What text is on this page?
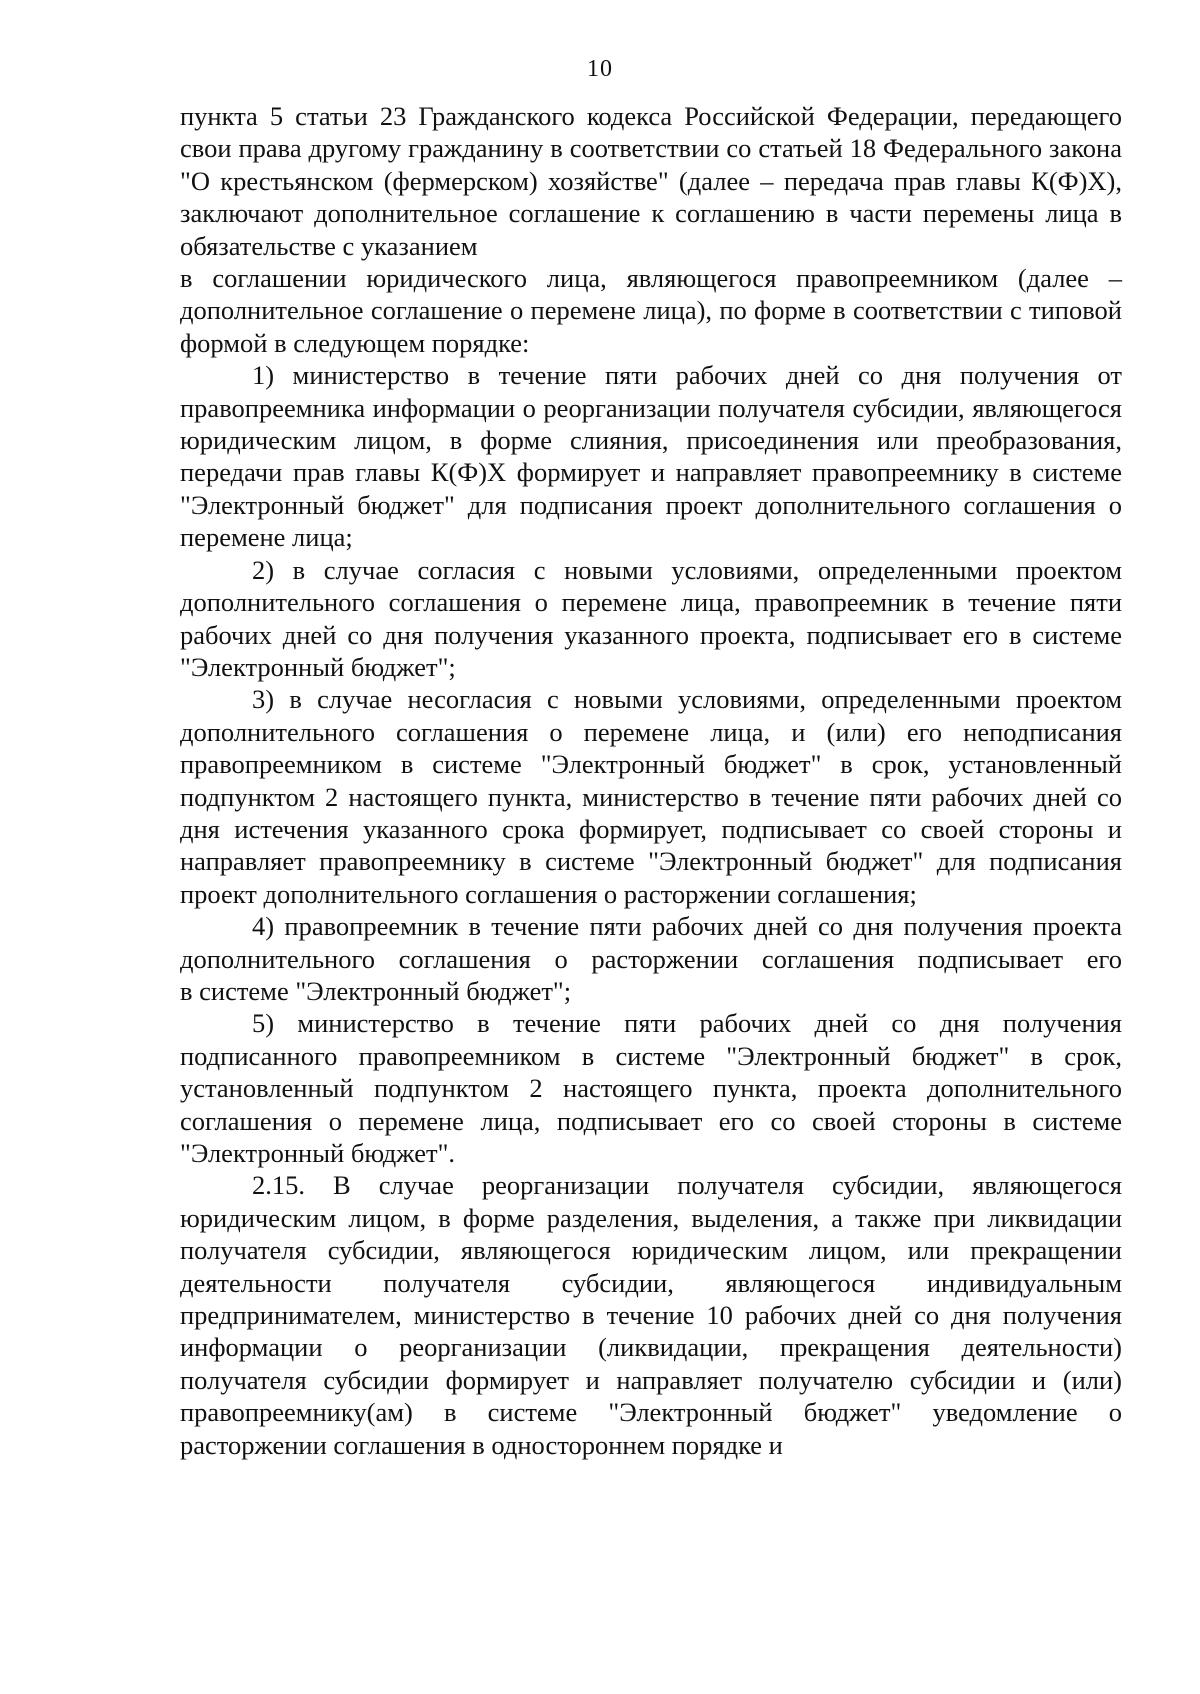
10

пункта 5 статьи 23 Гражданского кодекса Российской Федерации, передающего свои права другому гражданину в соответствии со статьей 18 Федерального закона "О крестьянском (фермерском) хозяйстве" (далее – передача прав главы К(Ф)Х), заключают дополнительное соглашение к соглашению в части перемены лица в обязательстве с указанием

в соглашении юридического лица, являющегося правопреемником (далее – дополнительное соглашение о перемене лица), по форме в соответствии с типовой формой в следующем порядке:

1) министерство в течение пяти рабочих дней со дня получения от правопреемника информации о реорганизации получателя субсидии, являющегося юридическим лицом, в форме слияния, присоединения или преобразования, передачи прав главы К(Ф)Х формирует и направляет правопреемнику в системе "Электронный бюджет" для подписания проект дополнительного соглашения о перемене лица;

2) в случае согласия с новыми условиями, определенными проектом дополнительного соглашения о перемене лица, правопреемник в течение пяти рабочих дней со дня получения указанного проекта, подписывает его в системе "Электронный бюджет";

3) в случае несогласия с новыми условиями, определенными проектом дополнительного соглашения о перемене лица, и (или) его неподписания правопреемником в системе "Электронный бюджет" в срок, установленный подпунктом 2 настоящего пункта, министерство в течение пяти рабочих дней со дня истечения указанного срока формирует, подписывает со своей стороны и направляет правопреемнику в системе "Электронный бюджет" для подписания проект дополнительного соглашения о расторжении соглашения;

4) правопреемник в течение пяти рабочих дней со дня получения проекта дополнительного соглашения о расторжении соглашения подписывает его

в системе "Электронный бюджет";

5) министерство в течение пяти рабочих дней со дня получения подписанного правопреемником в системе "Электронный бюджет" в срок, установленный подпунктом 2 настоящего пункта, проекта дополнительного соглашения о перемене лица, подписывает его со своей стороны в системе "Электронный бюджет".

2.15. В случае реорганизации получателя субсидии, являющегося юридическим лицом, в форме разделения, выделения, а также при ликвидации получателя субсидии, являющегося юридическим лицом, или прекращении деятельности получателя субсидии, являющегося индивидуальным предпринимателем, министерство в течение 10 рабочих дней со дня получения информации о реорганизации (ликвидации, прекращения деятельности) получателя субсидии формирует и направляет получателю субсидии и (или) правопреемнику(ам) в системе "Электронный бюджет" уведомление о расторжении соглашения в одностороннем порядке и
